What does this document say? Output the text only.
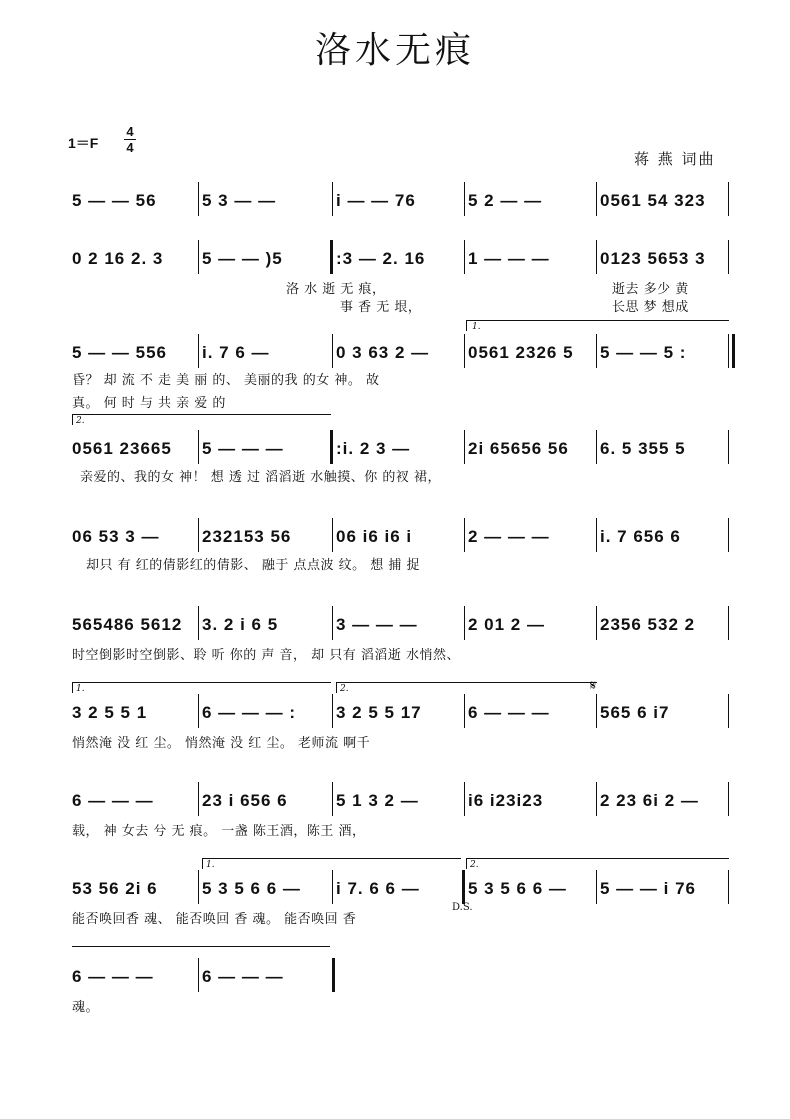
洛水无痕
1＝F
4
4
蒋 燕 词曲
5 — — 56	5 3 — —	i — — 76	5 2 — —	0561 54 323
0 2 16 2. 3	5 — — )5	:3 — 2. 16	1 — — —	0123 5653 3
5 — — 556	i. 7 6 —	0 3 63 2 —	0561 2326 5	5 — — 5 :
0561 23665	5 — — —	:i. 2 3 —	2i 65656 56	6. 5 355 5
06 53 3 —	232153 56	06 i6 i6 i	2 — — —	i. 7 656 6
565486 5612	3. 2 i 6 5	3 — — —	2 01 2 —	2356 532 2
3 2 5 5 1	6 — — — :	3 2 5 5 17	6 — — —	565 6 i7
6 — — —	23 i 656 6	5 1 3 2 —	i6 i23i23	2 23 6i 2 —
53 56 2i 6	5 3 5 6 6 —	i 7. 6 6 —	5 3 5 6 6 —	5 — — i 76
6 — — —	6 — — —
1.
2.
1.	2.	𝄋
1.	2.
D.S.
洛 水 逝 无 痕，	逝去 多少 黄
事 香 无 垠，	长思 梦 想成
昏？ 却 流 不 走 美 丽 的、 美丽的我 的女 神。 故
真。 何 时 与 共 亲 爱 的
亲爱的、我的女 神！ 想 透 过 滔滔逝 水触摸、你 的衩 裙，
却只 有 红的倩影红的倩影、 融于 点点波 纹。 想 捕 捉
时空倒影时空倒影、聆 听 你的 声 音， 却 只有 滔滔逝 水悄然、
悄然淹 没 红 尘。 悄然淹 没 红 尘。 老师流 啊千
载， 神 女去 兮 无 痕。 一盏 陈王酒，陈王 酒，
能否唤回香 魂、 能否唤回 香 魂。 能否唤回 香
魂。
